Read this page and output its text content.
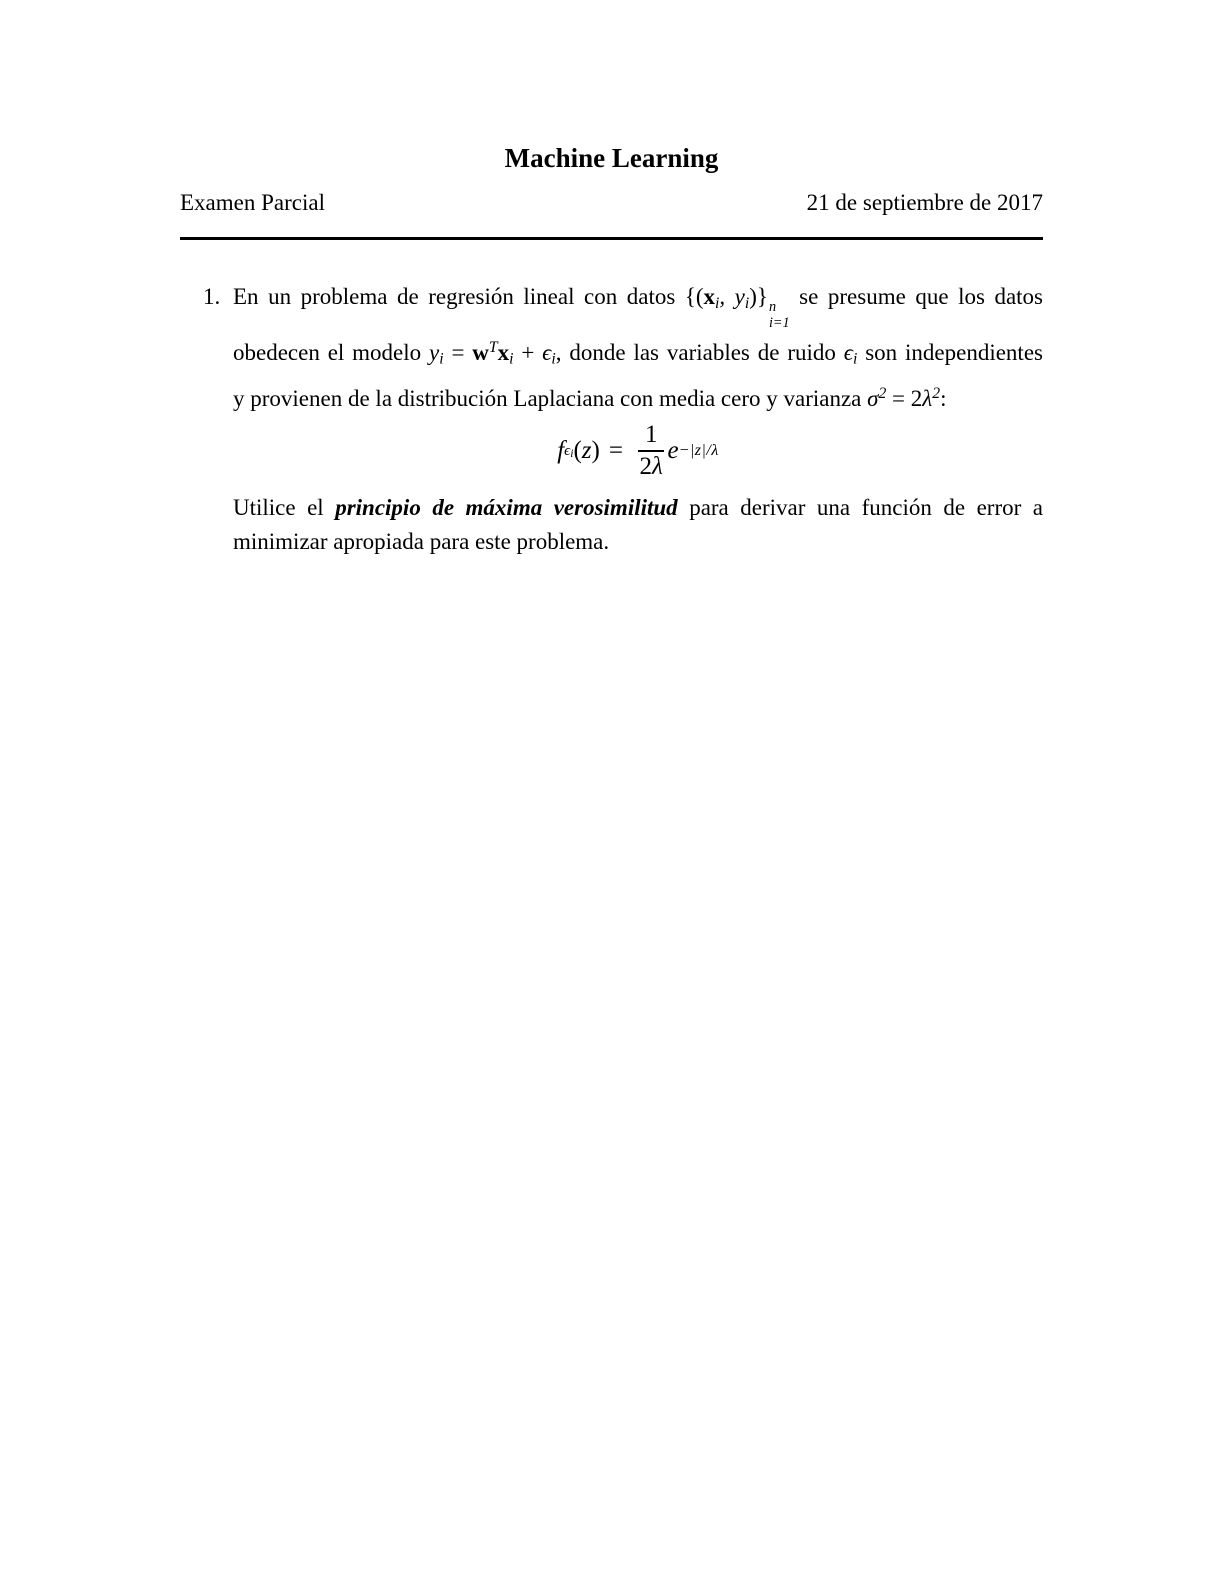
Machine Learning
Examen Parcial	21 de septiembre de 2017
1. En un problema de regresión lineal con datos {(xi, yi)} n
i=1
se presume que los datos
obedecen el modelo yi = $w^Txi + \epsilon i$, donde las variables de ruido ϵi son independientes
y provienen de la distribución Laplaciana con media cero y varianza $\sigma^2 = 2\lambda^2$:
f ϵi ( z ) = $\frac{1}{2\lambda}$ e −|z|/λ
Utilice el principio de máxima verosimilitud para derivar una función de error a
minimizar apropiada para este problema.
